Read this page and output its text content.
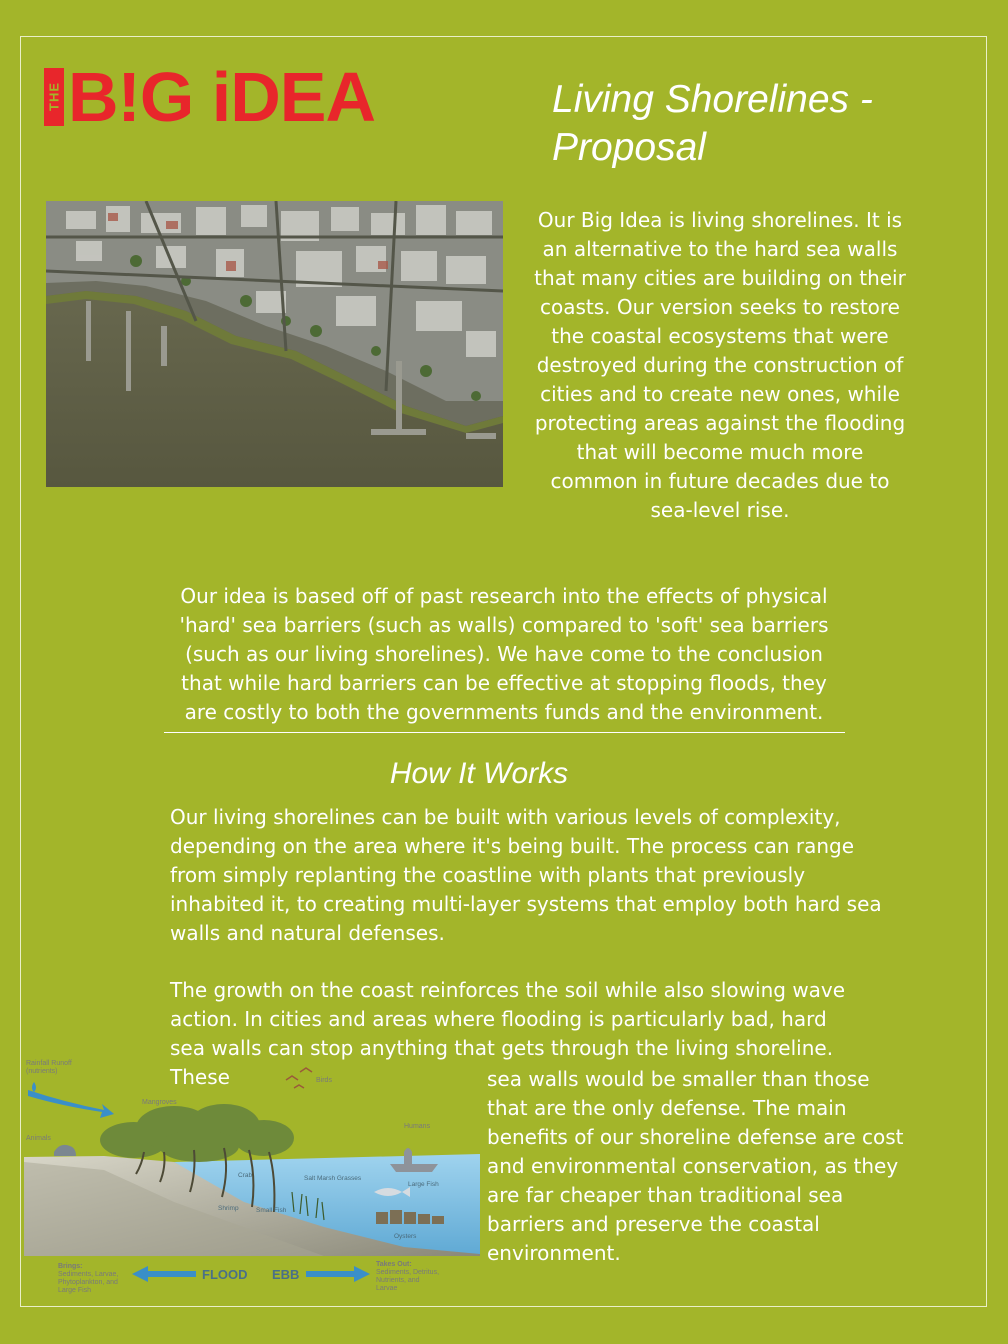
THE B!G iDEA	Living Shorelines - Proposal
Our Big Idea is living shorelines. It is an alternative to the hard sea walls that many cities are building on their coasts. Our version seeks to restore the coastal ecosystems that were destroyed during the construction of cities and to create new ones, while protecting areas against the flooding that will become much more common in future decades due to sea-level rise.
Our idea is based off of past research into the effects of physical 'hard' sea barriers (such as walls) compared to 'soft' sea barriers (such as our living shorelines). We have come to the conclusion that while hard barriers can be effective at stopping floods, they are costly to both the governments funds and the environment.
How It Works
Our living shorelines can be built with various levels of complexity, depending on the area where it's being built. The process can range from simply replanting the coastline with plants that previously inhabited it, to creating multi-layer systems that employ both hard sea walls and natural defenses.
The growth on the coast reinforces the soil while also slowing wave action. In cities and areas where flooding is particularly bad, hard sea walls can stop anything that gets through the living shoreline. These	sea walls would be smaller than those that are the only defense. The main benefits of our shoreline defense are cost and environmental conservation, as they are far cheaper than traditional sea barriers and preserve the coastal environment.
Rainfall Runoff
(nutrients)
Birds
Mangroves
Animals
Humans
Crab	Salt Marsh Grasses
Large Fish
Shrimp	Small Fish
Oysters
Brings:
Sediments, Larvae,
Phytoplankton, and
Large Fish
FLOOD EBB
Takes Out:
Sediments, Detritus,
Nutrients, and
Larvae
